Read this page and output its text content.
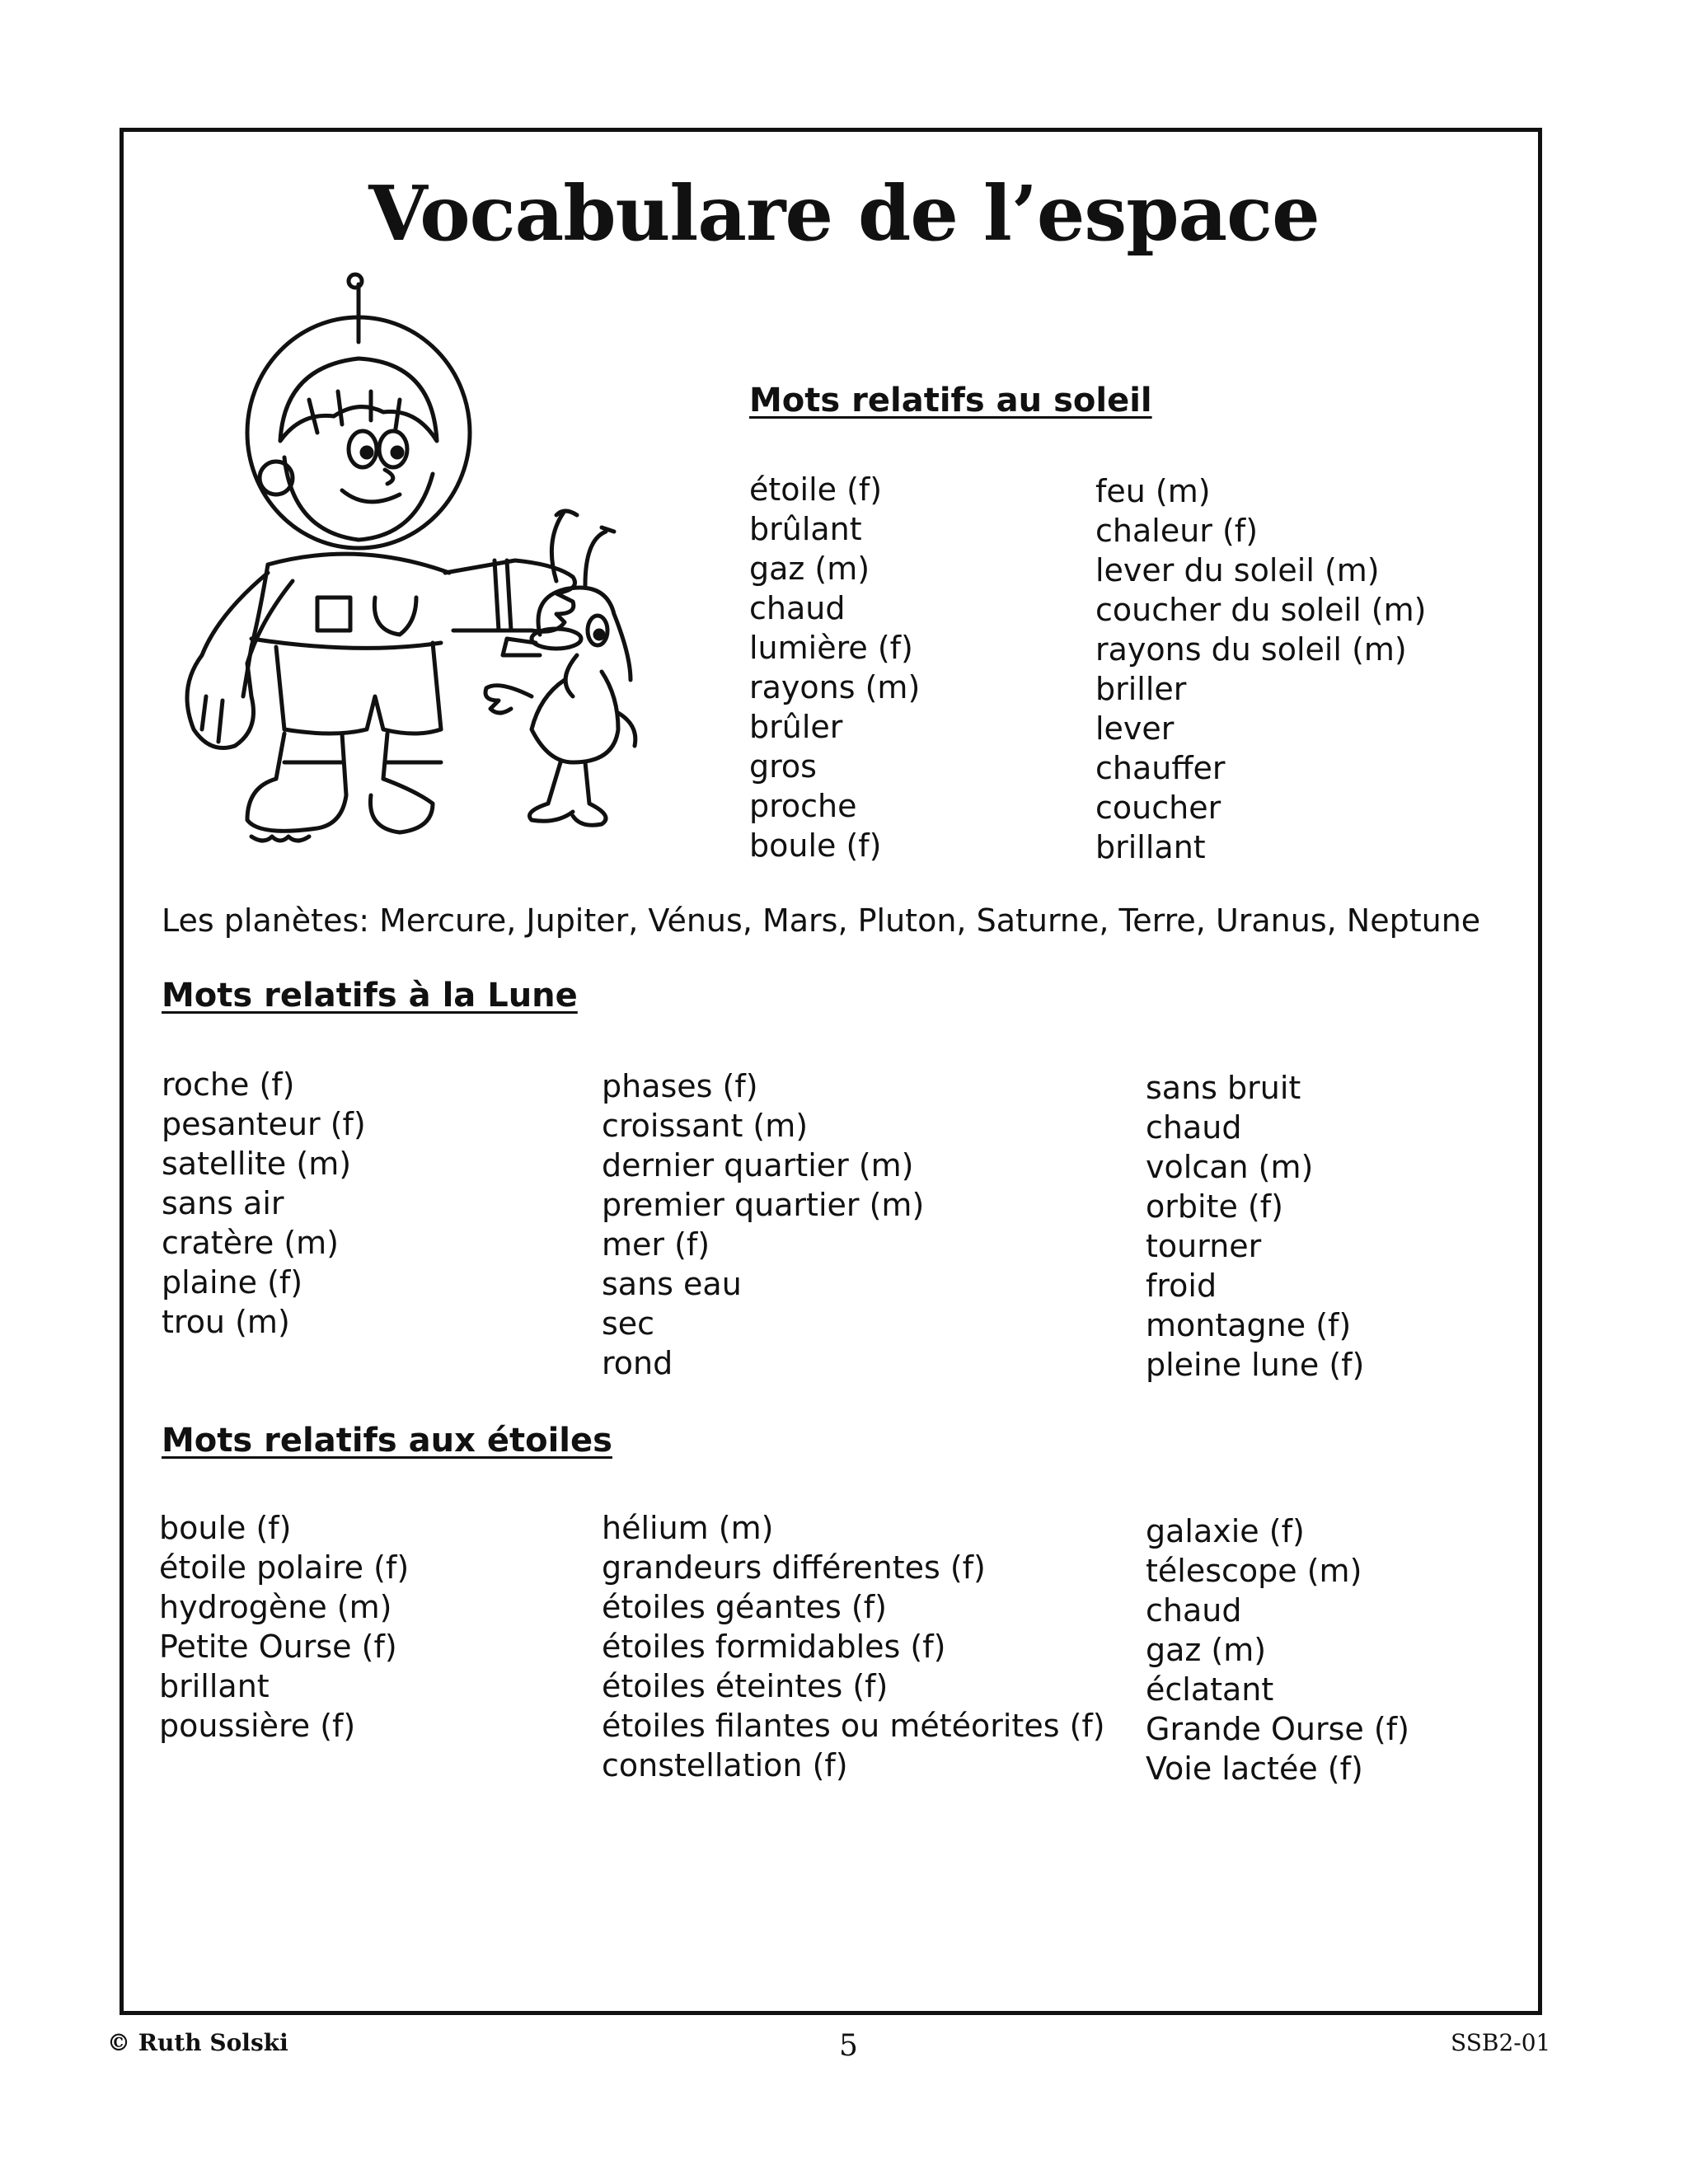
Vocabulare de l’espace
Mots relatifs au soleil
étoile (f)
brûlant
gaz (m)
chaud
lumière (f)
rayons (m)
brûler
gros
proche
boule (f)
feu (m)
chaleur (f)
lever du soleil (m)
coucher du soleil (m)
rayons du soleil (m)
briller
lever
chauffer
coucher
brillant
Les planètes: Mercure, Jupiter, Vénus, Mars, Pluton, Saturne, Terre, Uranus, Neptune
Mots relatifs à la Lune
roche (f)
pesanteur (f)
satellite (m)
sans air
cratère (m)
plaine (f)
trou (m)
phases (f)
croissant (m)
dernier quartier (m)
premier quartier (m)
mer (f)
sans eau
sec
rond
sans bruit
chaud
volcan (m)
orbite (f)
tourner
froid
montagne (f)
pleine lune (f)
Mots relatifs aux étoiles
boule (f)
étoile polaire (f)
hydrogène (m)
Petite Ourse (f)
brillant
poussière (f)
hélium (m)
grandeurs différentes (f)
étoiles géantes (f)
étoiles formidables (f)
étoiles éteintes (f)
étoiles filantes ou météorites (f)
constellation (f)
galaxie (f)
télescope (m)
chaud
gaz (m)
éclatant
Grande Ourse (f)
Voie lactée (f)
© Ruth Solski	5	SSB2-01
